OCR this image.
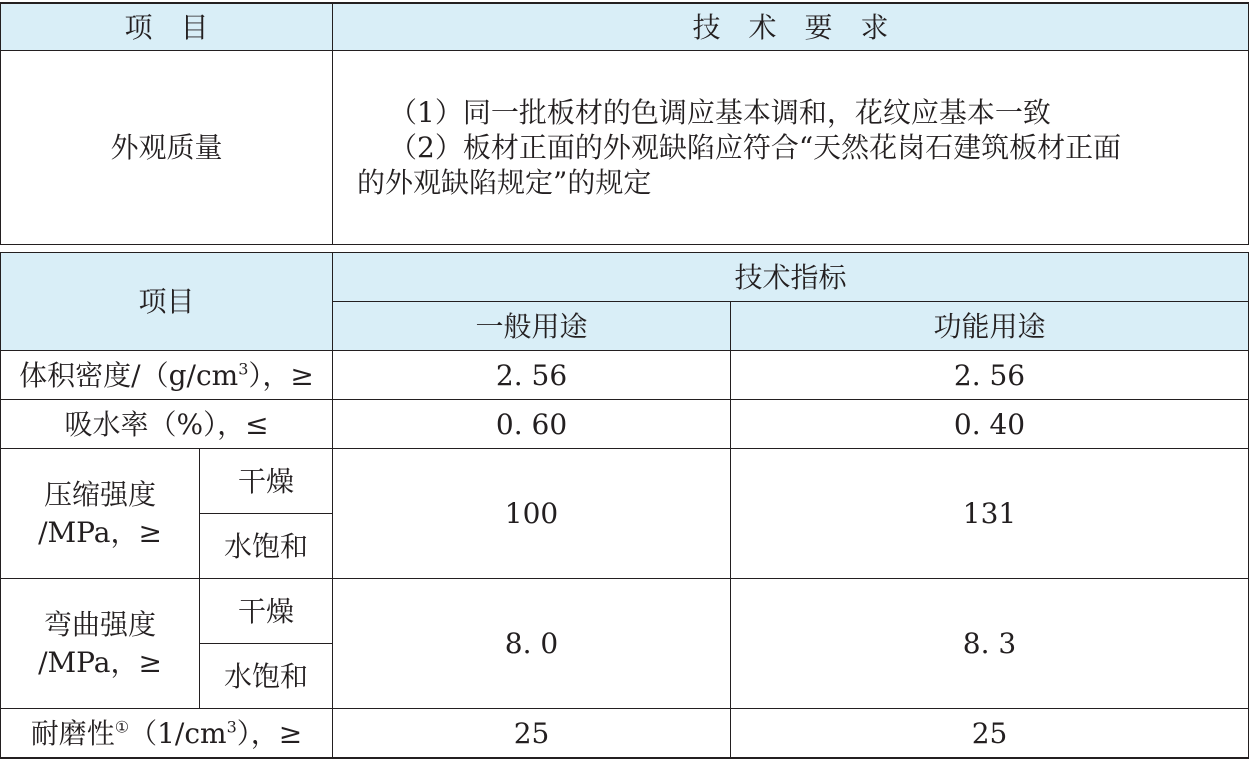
项　目	技　术　要　求
外观质量	（1）同一批板材的色调应基本调和，花纹应基本一致
（2）板材正面的外观缺陷应符合“天然花岗石建筑板材正面
的外观缺陷规定”的规定
项目		技术指标	
		一般用途	功能用途
体积密度$/(g/cm^3)$，≥		2. 56	2. 56
吸水率（%），≤		0. 60	0. 40

压缩强度
/MPa，≥	干燥	100	131
	水饱和		

弯曲强度
/MPa，≥	干燥	8. 0	8. 3
	水饱和		
耐磨性$^①(1/cm^3)$，≥		25	25
